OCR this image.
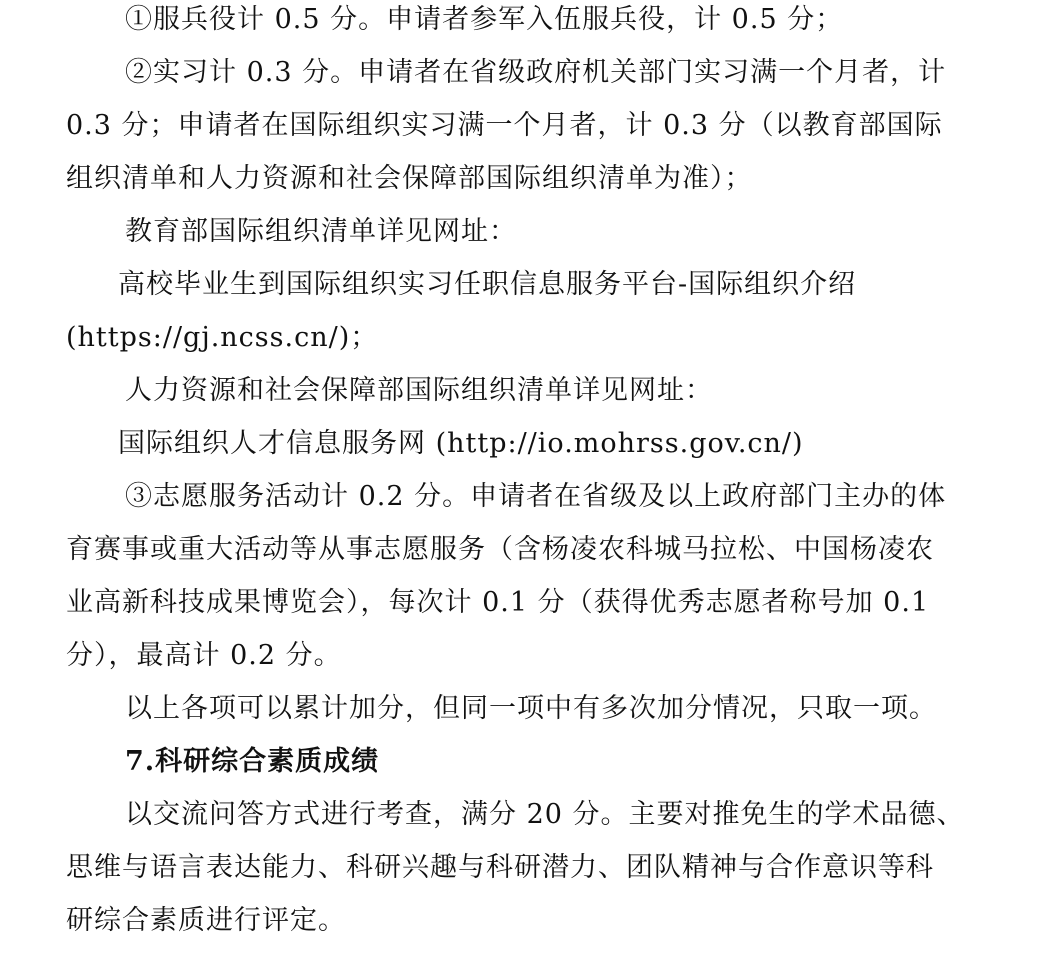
①服兵役计 0.5 分。申请者参军入伍服兵役，计 0.5 分；
②实习计 0.3 分。申请者在省级政府机关部门实习满一个月者，计
0.3 分；申请者在国际组织实习满一个月者，计 0.3 分（以教育部国际
组织清单和人力资源和社会保障部国际组织清单为准）；
教育部国际组织清单详见网址：
高校毕业生到国际组织实习任职信息服务平台-国际组织介绍
(https://gj.ncss.cn/)；
人力资源和社会保障部国际组织清单详见网址：
国际组织人才信息服务网 (http://io.mohrss.gov.cn/)
③志愿服务活动计 0.2 分。申请者在省级及以上政府部门主办的体
育赛事或重大活动等从事志愿服务（含杨凌农科城马拉松、中国杨凌农
业高新科技成果博览会），每次计 0.1 分（获得优秀志愿者称号加 0.1
分），最高计 0.2 分。
以上各项可以累计加分，但同一项中有多次加分情况，只取一项。
7.科研综合素质成绩
以交流问答方式进行考查，满分 20 分。主要对推免生的学术品德、
思维与语言表达能力、科研兴趣与科研潜力、团队精神与合作意识等科
研综合素质进行评定。
